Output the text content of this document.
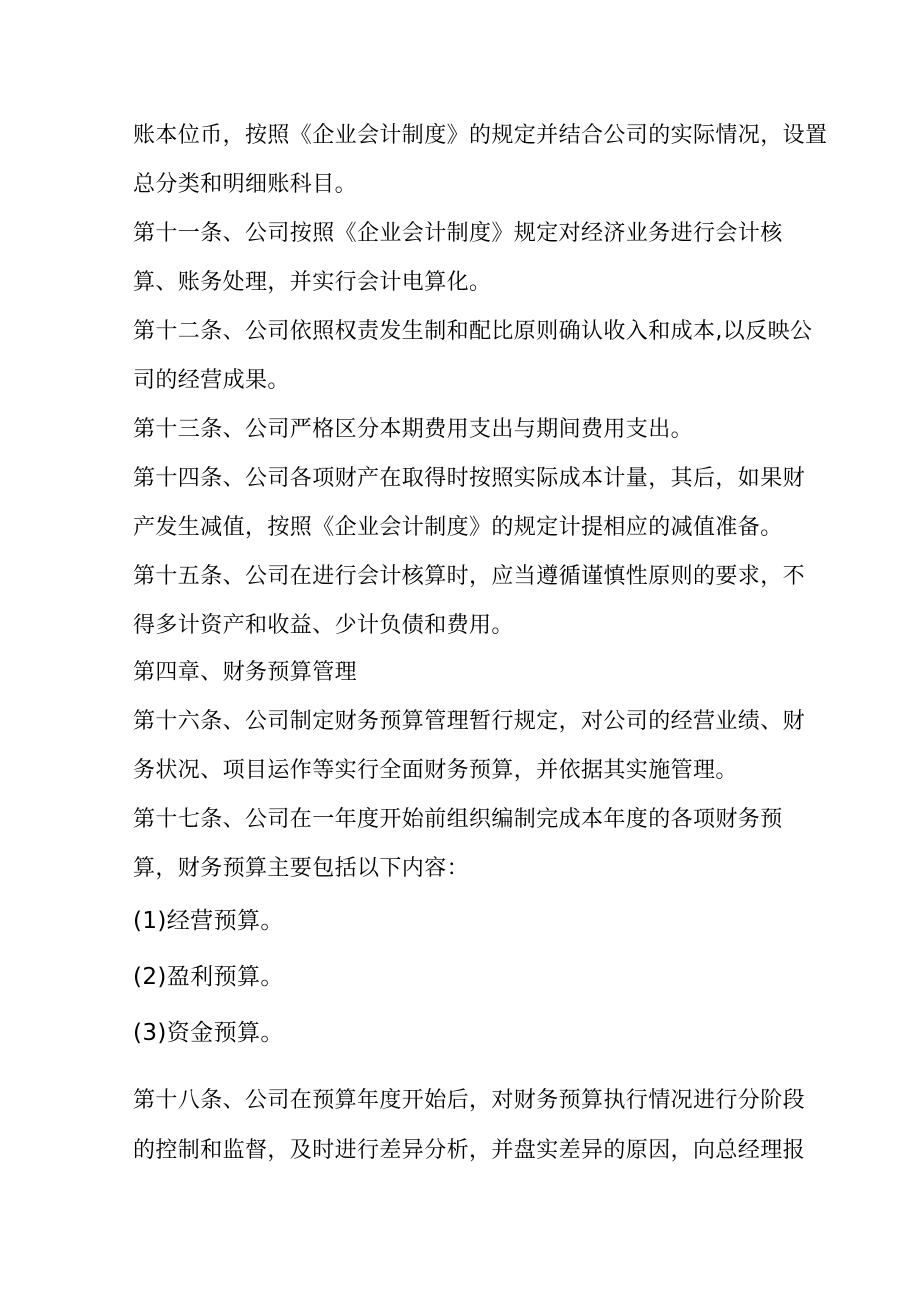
账本位币，按照《企业会计制度》的规定并结合公司的实际情况，设置
总分类和明细账科目。
第十一条、公司按照《企业会计制度》规定对经济业务进行会计核
算、账务处理，并实行会计电算化。
第十二条、公司依照权责发生制和配比原则确认收入和成本,以反映公
司的经营成果。
第十三条、公司严格区分本期费用支出与期间费用支出。
第十四条、公司各项财产在取得时按照实际成本计量，其后，如果财
产发生减值，按照《企业会计制度》的规定计提相应的减值准备。
第十五条、公司在进行会计核算时，应当遵循谨慎性原则的要求，不
得多计资产和收益、少计负债和费用。
第四章、财务预算管理
第十六条、公司制定财务预算管理暂行规定，对公司的经营业绩、财
务状况、项目运作等实行全面财务预算，并依据其实施管理。
第十七条、公司在一年度开始前组织编制完成本年度的各项财务预
算，财务预算主要包括以下内容：
(1)经营预算。
(2)盈利预算。
(3)资金预算。
第十八条、公司在预算年度开始后，对财务预算执行情况进行分阶段
的控制和监督，及时进行差异分析，并盘实差异的原因，向总经理报
